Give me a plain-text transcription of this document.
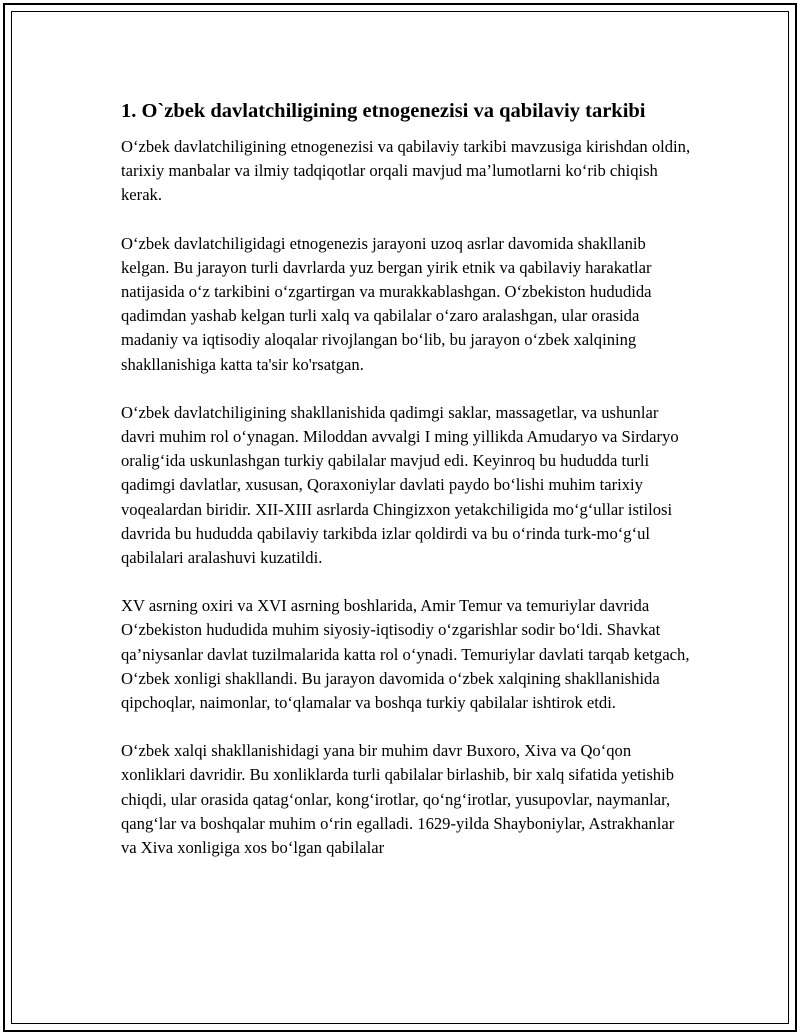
1. O`zbek davlatchiligining etnogenezisi va qabilaviy tarkibi

O‘zbek davlatchiligining etnogenezisi va qabilaviy tarkibi mavzusiga kirishdan oldin, tarixiy manbalar va ilmiy tadqiqotlar orqali mavjud ma’lumotlarni ko‘rib chiqish kerak.

O‘zbek davlatchiligidagi etnogenezis jarayoni uzoq asrlar davomida shakllanib kelgan. Bu jarayon turli davrlarda yuz bergan yirik etnik va qabilaviy harakatlar natijasida o‘z tarkibini o‘zgartirgan va murakkablashgan. O‘zbekiston hududida qadimdan yashab kelgan turli xalq va qabilalar o‘zaro aralashgan, ular orasida madaniy va iqtisodiy aloqalar rivojlangan bo‘lib, bu jarayon o‘zbek xalqining shakllanishiga katta ta'sir ko'rsatgan.

O‘zbek davlatchiligining shakllanishida qadimgi saklar, massagetlar, va ushunlar davri muhim rol o‘ynagan. Miloddan avvalgi I ming yillikda Amudaryo va Sirdaryo oralig‘ida uskunlashgan turkiy qabilalar mavjud edi. Keyinroq bu hududda turli qadimgi davlatlar, xususan, Qoraxoniylar davlati paydo bo‘lishi muhim tarixiy voqealardan biridir. XII-XIII asrlarda Chingizxon yetakchiligida mo‘g‘ullar istilosi davrida bu hududda qabilaviy tarkibda izlar qoldirdi va bu o‘rinda turk-mo‘g‘ul qabilalari aralashuvi kuzatildi.

XV asrning oxiri va XVI asrning boshlarida, Amir Temur va temuriylar davrida O‘zbekiston hududida muhim siyosiy-iqtisodiy o‘zgarishlar sodir bo‘ldi. Shavkat qa’niysanlar davlat tuzilmalarida katta rol o‘ynadi. Temuriylar davlati tarqab ketgach, O‘zbek xonligi shakllandi. Bu jarayon davomida o‘zbek xalqining shakllanishida qipchoqlar, naimonlar, to‘qlamalar va boshqa turkiy qabilalar ishtirok etdi.

O‘zbek xalqi shakllanishidagi yana bir muhim davr Buxoro, Xiva va Qo‘qon xonliklari davridir. Bu xonliklarda turli qabilalar birlashib, bir xalq sifatida yetishib chiqdi, ular orasida qatag‘onlar, kong‘irotlar, qo‘ng‘irotlar, yusupovlar, naymanlar, qang‘lar va boshqalar muhim o‘rin egalladi. 1629-yilda Shayboniylar, Astrakhanlar va Xiva xonligiga xos bo‘lgan qabilalar
